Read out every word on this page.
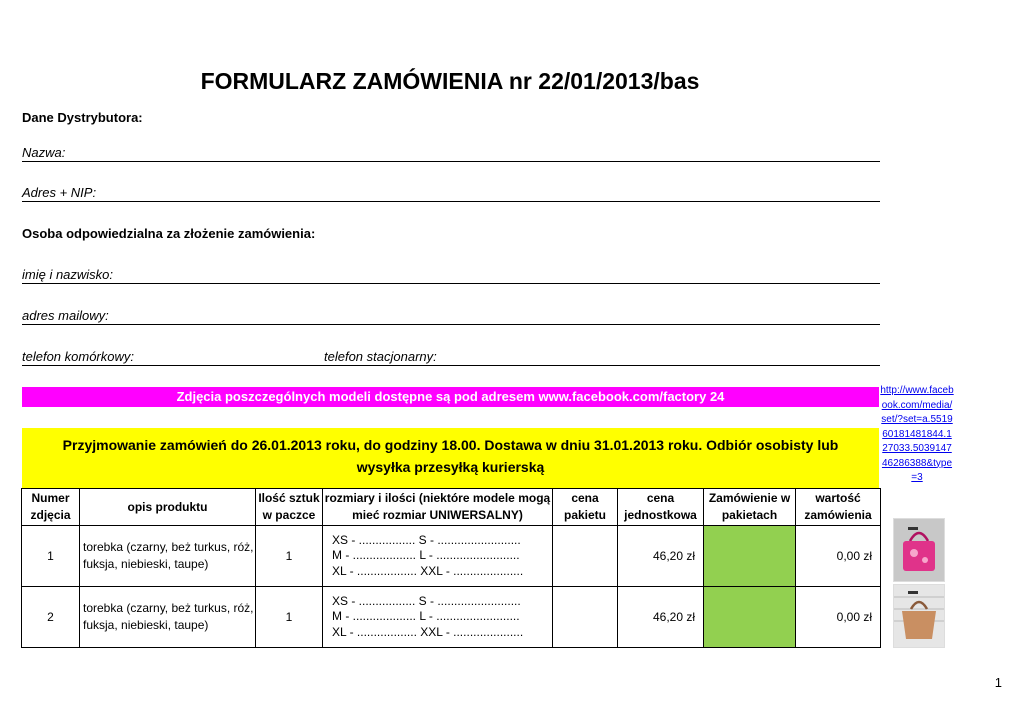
FORMULARZ ZAMÓWIENIA nr 22/01/2013/bas
Dane Dystrybutora:
Nazwa:
Adres + NIP:
Osoba odpowiedzialna za złożenie zamówienia:
imię i nazwisko:
adres mailowy:
telefon komórkowy:	telefon stacjonarny:
Zdjęcia poszczególnych modeli dostępne są pod adresem www.facebook.com/factory 24	http://www.facebook.com/media/set/?set=a.551960181481844.127033.503914746286388&type=3
Przyjmowanie zamówień do 26.01.2013 roku, do godziny 18.00. Dostawa w dniu 31.01.2013 roku. Odbiór osobisty lub wysyłka przesyłką kurierską
Numer zdjęcia	opis produktu	Ilość sztuk w paczce	rozmiary i ilości (niektóre modele mogą mieć rozmiar UNIWERSALNY)	cena pakietu	cena jednostkowa	Zamówienie w pakietach	wartość zamówienia
1	torebka (czarny, beż turkus, róż, fuksja, niebieski, taupe)	1	XS - ................. S - .........................
M - ................... L - .........................
XL - .................. XXL - .....................		46,20 zł		0,00 zł
2	torebka (czarny, beż turkus, róż, fuksja, niebieski, taupe)	1	XS - ................. S - .........................
M - ................... L - .........................
XL - .................. XXL - .....................		46,20 zł		0,00 zł
1
